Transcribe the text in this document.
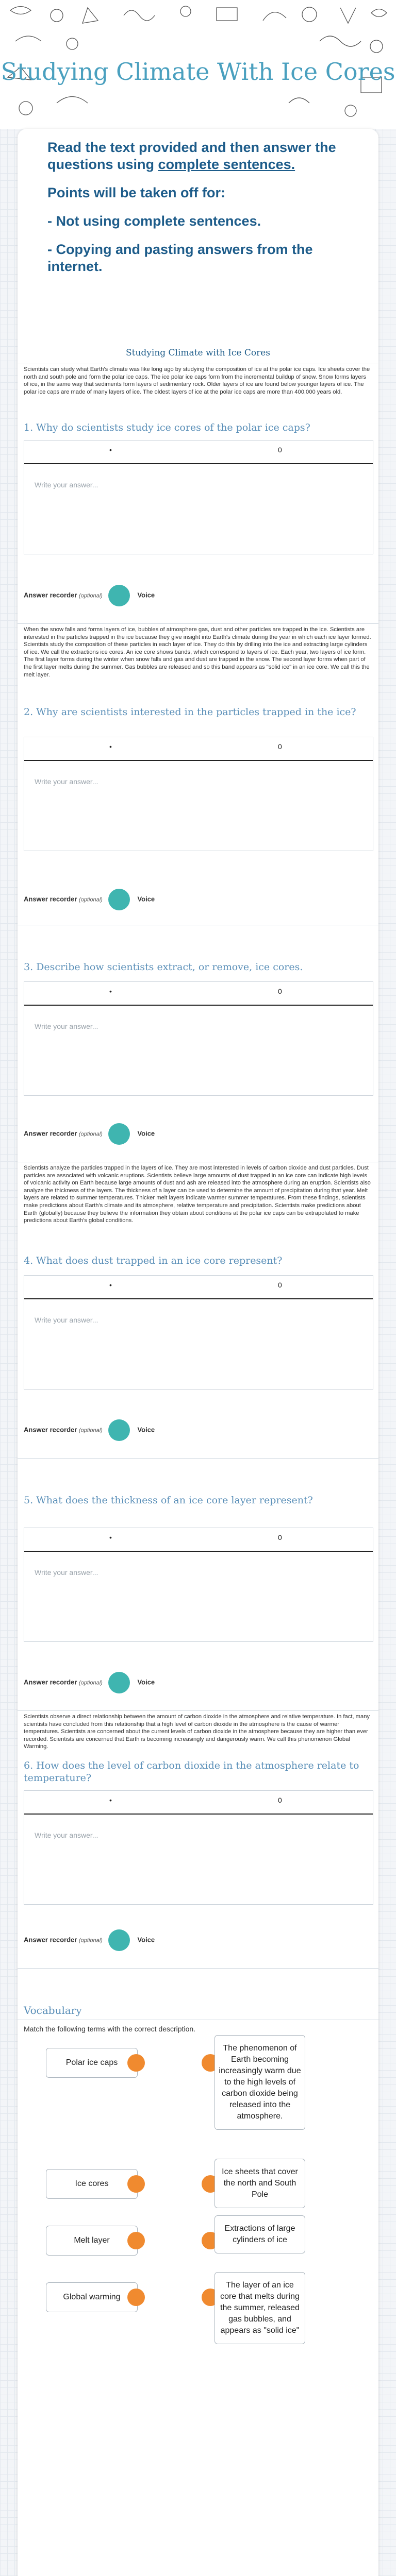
Studying Climate With Ice Cores

Read the text provided and then answer the questions using complete sentences.

Points will be taken off for:

- Not using complete sentences.

- Copying and pasting answers from the internet.

Studying Climate with Ice Cores
Scientists can study what Earth's climate was like long ago by studying the composition of ice at the polar ice caps. Ice sheets cover the north and south pole and form the polar ice caps. The ice polar ice caps form from the incremental buildup of snow. Snow forms layers of ice, in the same way that sediments form layers of sedimentary rock. Older layers of ice are found below younger layers of ice. The polar ice caps are made of many layers of ice. The oldest layers of ice at the polar ice caps are more than 400,000 years old.
1. Why do scientists study ice cores of the polar ice caps?
•	0
Write your answer...
Answer recorder (optional)	Voice
When the snow falls and forms layers of ice, bubbles of atmosphere gas, dust and other particles are trapped in the ice. Scientists are interested in the particles trapped in the ice because they give insight into Earth's climate during the year in which each ice layer formed. Scientists study the composition of these particles in each layer of ice. They do this by drilling into the ice and extracting large cylinders of ice. We call the extractions ice cores. An ice core shows bands, which correspond to layers of ice. Each year, two layers of ice form. The first layer forms during the winter when snow falls and gas and dust are trapped in the snow. The second layer forms when part of the first layer melts during the summer. Gas bubbles are released and so this band appears as "solid ice" in an ice core. We call this the melt layer.
2. Why are scientists interested in the particles trapped in the ice?
•	0
Write your answer...
Answer recorder (optional)	Voice
3. Describe how scientists extract, or remove, ice cores.
•	0
Write your answer...
Answer recorder (optional)	Voice
Scientists analyze the particles trapped in the layers of ice. They are most interested in levels of carbon dioxide and dust particles. Dust particles are associated with volcanic eruptions. Scientists believe large amounts of dust trapped in an ice core can indicate high levels of volcanic activity on Earth because large amounts of dust and ash are released into the atmosphere during an eruption. Scientists also analyze the thickness of the layers. The thickness of a layer can be used to determine the amount of precipitation during that year. Melt layers are related to summer temperatures. Thicker melt layers indicate warmer summer temperatures. From these findings, scientists make predictions about Earth's climate and its atmosphere, relative temperature and precipitation. Scientists make predictions about Earth (globally) because they believe the information they obtain about conditions at the polar ice caps can be extrapolated to make predictions about Earth's global conditions.
4. What does dust trapped in an ice core represent?
•	0
Write your answer...
Answer recorder (optional)	Voice
5. What does the thickness of an ice core layer represent?
•	0
Write your answer...
Answer recorder (optional)	Voice
Scientists observe a direct relationship between the amount of carbon dioxide in the atmosphere and relative temperature. In fact, many scientists have concluded from this relationship that a high level of carbon dioxide in the atmosphere is the cause of warmer temperatures. Scientists are concerned about the current levels of carbon dioxide in the atmosphere because they are higher than ever recorded. Scientists are concerned that Earth is becoming increasingly and dangerously warm. We call this phenomenon Global Warming.
6. How does the level of carbon dioxide in the atmosphere relate to temperature?
•	0
Write your answer...
Answer recorder (optional)	Voice
Vocabulary
Match the following terms with the correct description.
Polar ice caps
The phenomenon of Earth becoming increasingly warm due to the high levels of carbon dioxide being released into the atmosphere.
Ice cores
Ice sheets that cover the north and South Pole
Melt layer
Extractions of large cylinders of ice
Global warming
The layer of an ice core that melts during the summer, released gas bubbles, and appears as "solid ice"
